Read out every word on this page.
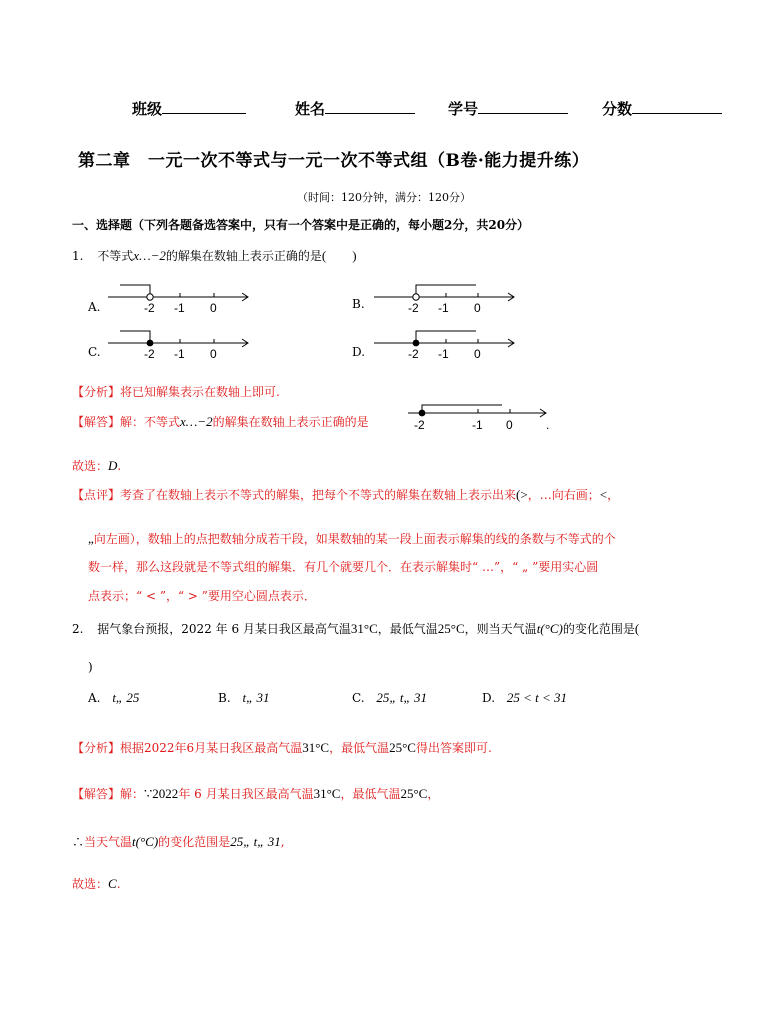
班级	姓名	学号	分数
第二章　一元一次不等式与一元一次不等式组（B卷·能力提升练）
（时间：120分钟，满分：120分）
一、选择题（下列各题备选答案中，只有一个答案中是正确的，每小题2分，共20分）
1. 不等式x…−2的解集在数轴上表示正确的是(　　)
A.	-2 -1 0	B.	-2 -1 0
C.	-2 -1 0	D.	-2 -1 0
【分析】将已知解集表示在数轴上即可.
【解答】解：不等式x…−2的解集在数轴上表示正确的是	-2	-1 0	.
故选：D.
【点评】考查了在数轴上表示不等式的解集，把每个不等式的解集在数轴上表示出来(>，…向右画；<，
„向左画），数轴上的点把数轴分成若干段，如果数轴的某一段上面表示解集的线的条数与不等式的个
数一样，那么这段就是不等式组的解集．有几个就要几个．在表示解集时“ …”，“ „ ”要用实心圆
点表示；“ < ”，“ > ”要用空心圆点表示．
2. 据气象台预报，2022 年 6 月某日我区最高气温31°C，最低气温25°C，则当天气温t(°C)的变化范围是(
)
A. t„ 25	B. t„ 31	C. 25„ t„ 31	D. 25 < t < 31
【分析】根据2022年6月某日我区最高气温31°C，最低气温25°C得出答案即可.
【解答】解：∵2022年 6 月某日我区最高气温31°C，最低气温25°C，
∴当天气温t(°C)的变化范围是25„ t„ 31,
故选：C.
